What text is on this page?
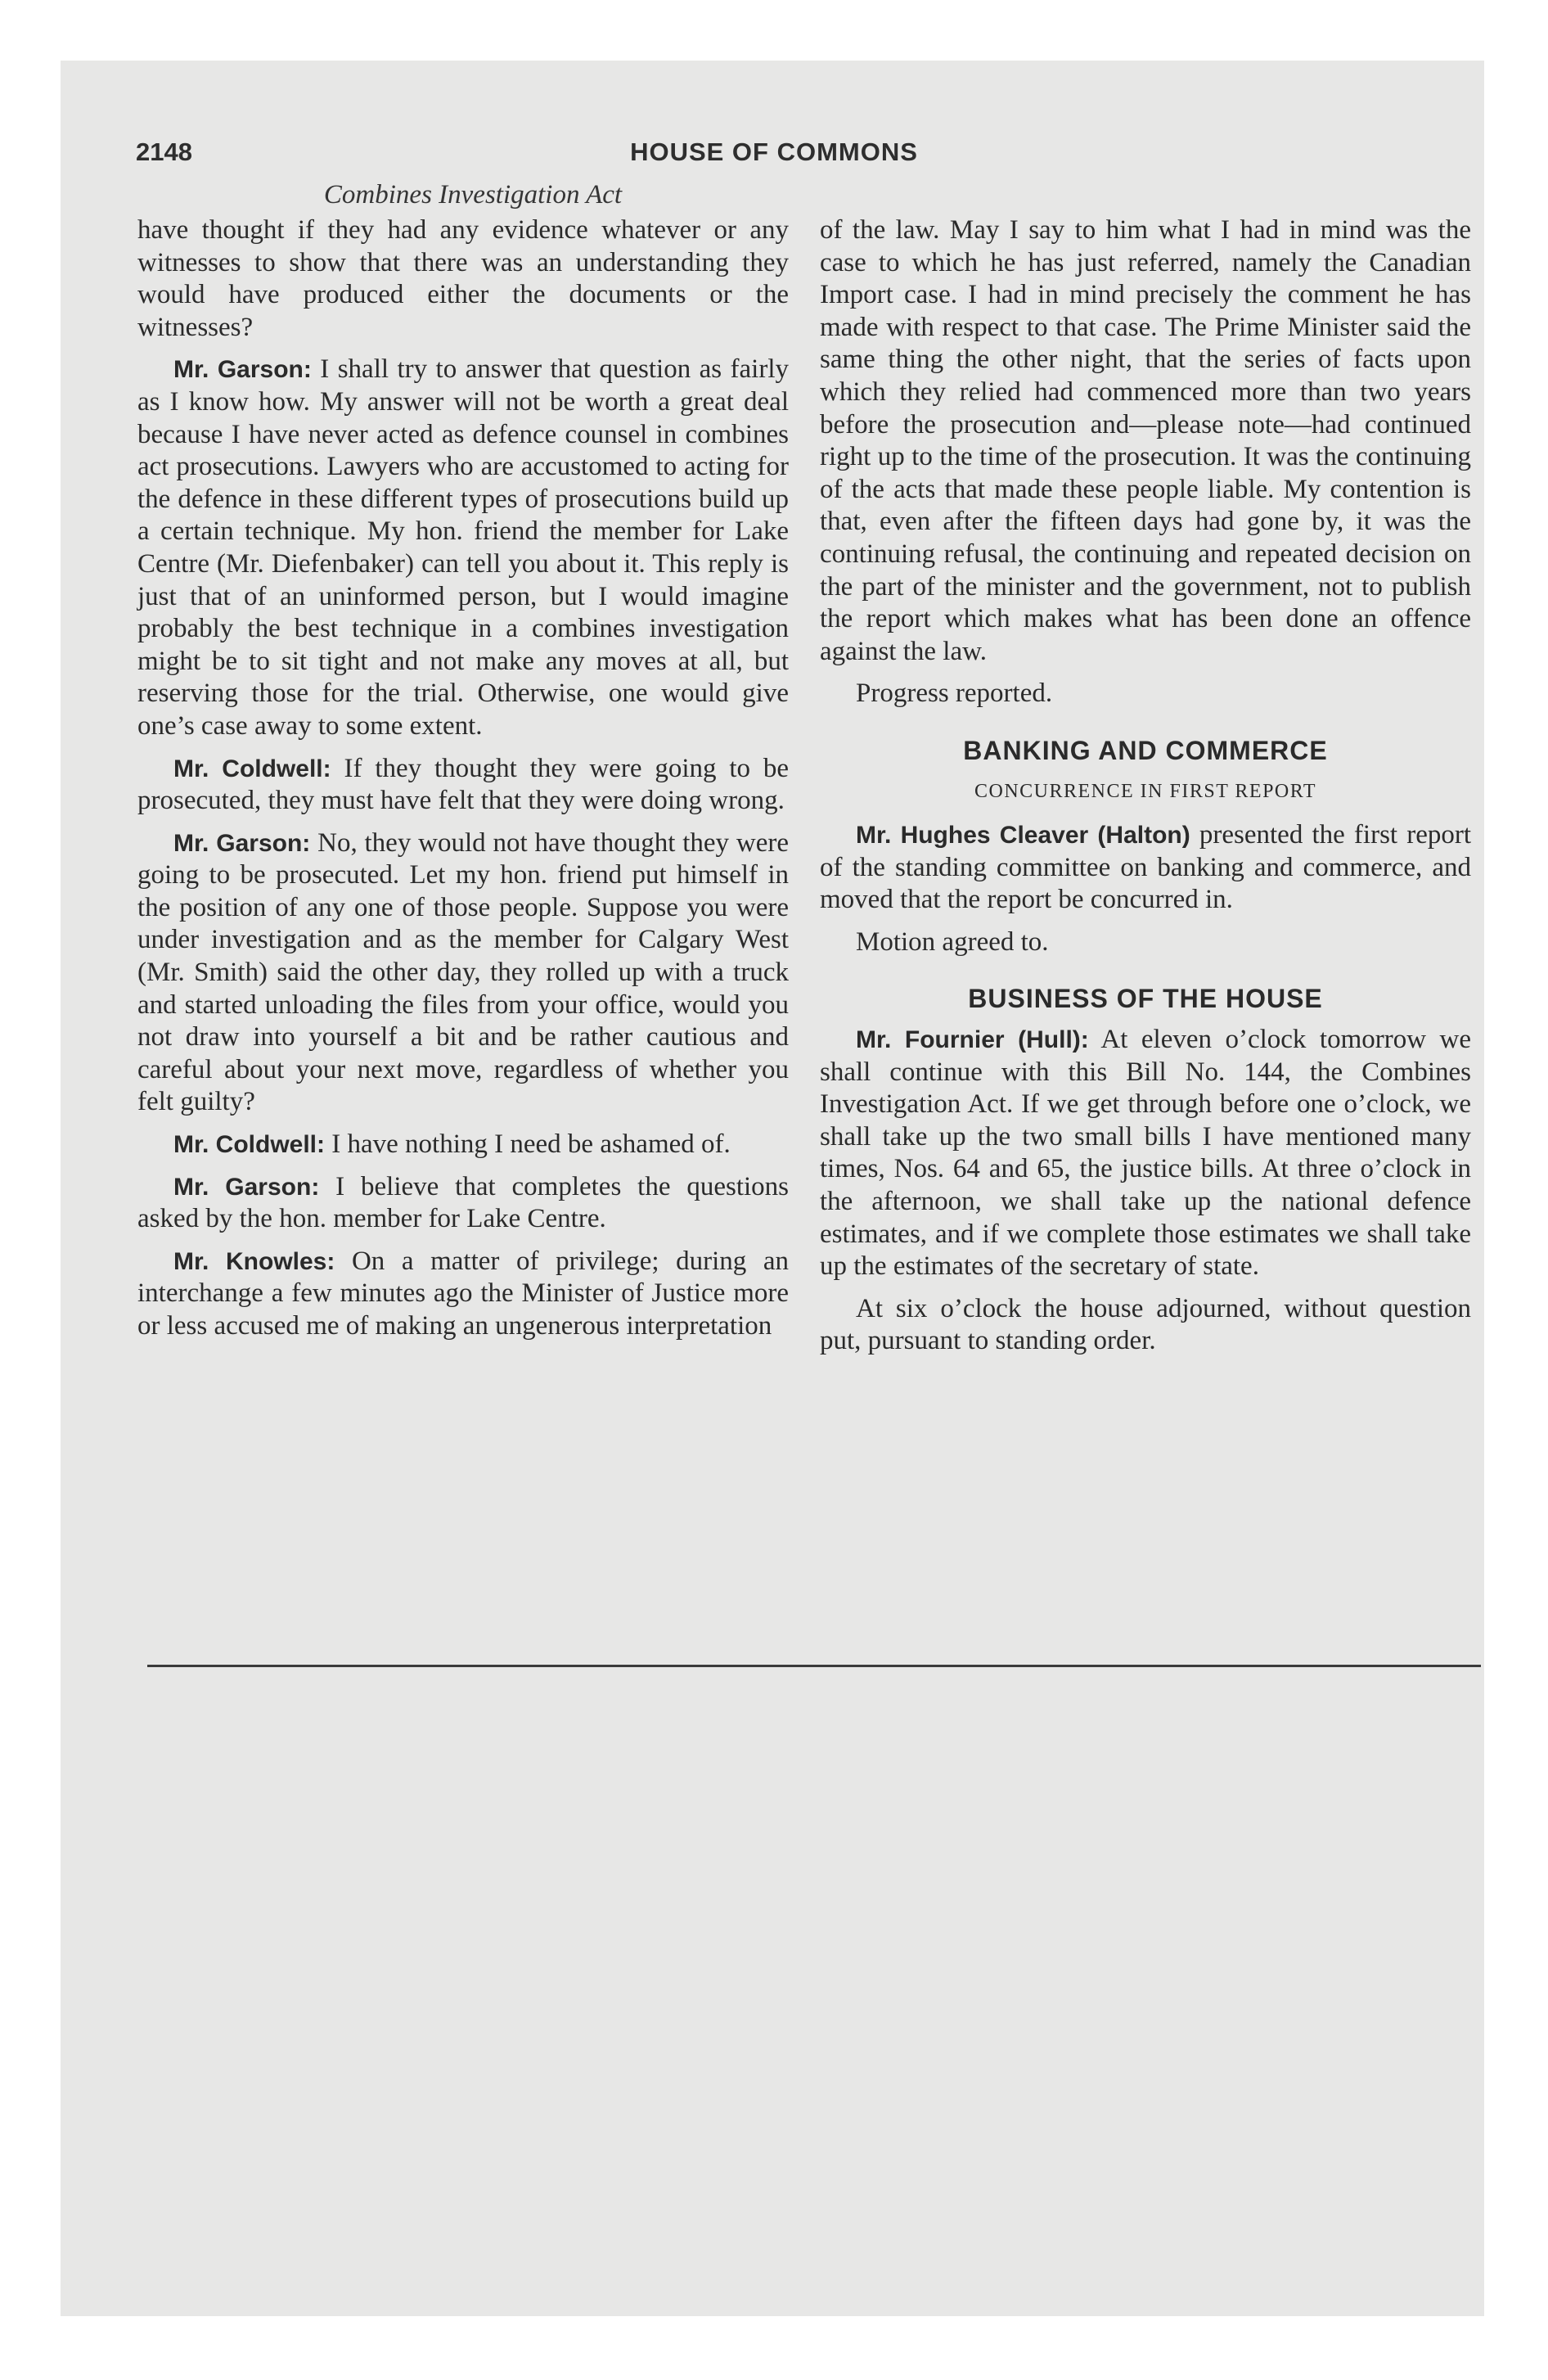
2148	HOUSE OF COMMONS
Combines Investigation Act

have thought if they had any evidence whatever or any witnesses to show that there was an understanding they would have produced either the documents or the witnesses?

Mr. Garson: I shall try to answer that question as fairly as I know how. My answer will not be worth a great deal because I have never acted as defence counsel in combines act prosecutions. Lawyers who are accustomed to acting for the defence in these different types of prosecutions build up a certain technique. My hon. friend the member for Lake Centre (Mr. Diefenbaker) can tell you about it. This reply is just that of an uninformed person, but I would imagine probably the best technique in a combines investigation might be to sit tight and not make any moves at all, but reserving those for the trial. Otherwise, one would give one’s case away to some extent.

Mr. Coldwell: If they thought they were going to be prosecuted, they must have felt that they were doing wrong.

Mr. Garson: No, they would not have thought they were going to be prosecuted. Let my hon. friend put himself in the position of any one of those people. Suppose you were under investigation and as the member for Calgary West (Mr. Smith) said the other day, they rolled up with a truck and started unloading the files from your office, would you not draw into yourself a bit and be rather cautious and careful about your next move, regardless of whether you felt guilty?

Mr. Coldwell: I have nothing I need be ashamed of.

Mr. Garson: I believe that completes the questions asked by the hon. member for Lake Centre.

Mr. Knowles: On a matter of privilege; during an interchange a few minutes ago the Minister of Justice more or less accused me of making an ungenerous interpretation

of the law. May I say to him what I had in mind was the case to which he has just referred, namely the Canadian Import case. I had in mind precisely the comment he has made with respect to that case. The Prime Minister said the same thing the other night, that the series of facts upon which they relied had commenced more than two years before the prosecution and—please note—had continued right up to the time of the prosecution. It was the continuing of the acts that made these people liable. My contention is that, even after the fifteen days had gone by, it was the continuing refusal, the continuing and repeated decision on the part of the minister and the government, not to publish the report which makes what has been done an offence against the law.

Progress reported.

BANKING AND COMMERCE
CONCURRENCE IN FIRST REPORT

Mr. Hughes Cleaver (Halton) presented the first report of the standing committee on banking and commerce, and moved that the report be concurred in.

Motion agreed to.

BUSINESS OF THE HOUSE

Mr. Fournier (Hull): At eleven o’clock tomorrow we shall continue with this Bill No. 144, the Combines Investigation Act. If we get through before one o’clock, we shall take up the two small bills I have mentioned many times, Nos. 64 and 65, the justice bills. At three o’clock in the afternoon, we shall take up the national defence estimates, and if we complete those estimates we shall take up the estimates of the secretary of state.

At six o’clock the house adjourned, without question put, pursuant to standing order.
